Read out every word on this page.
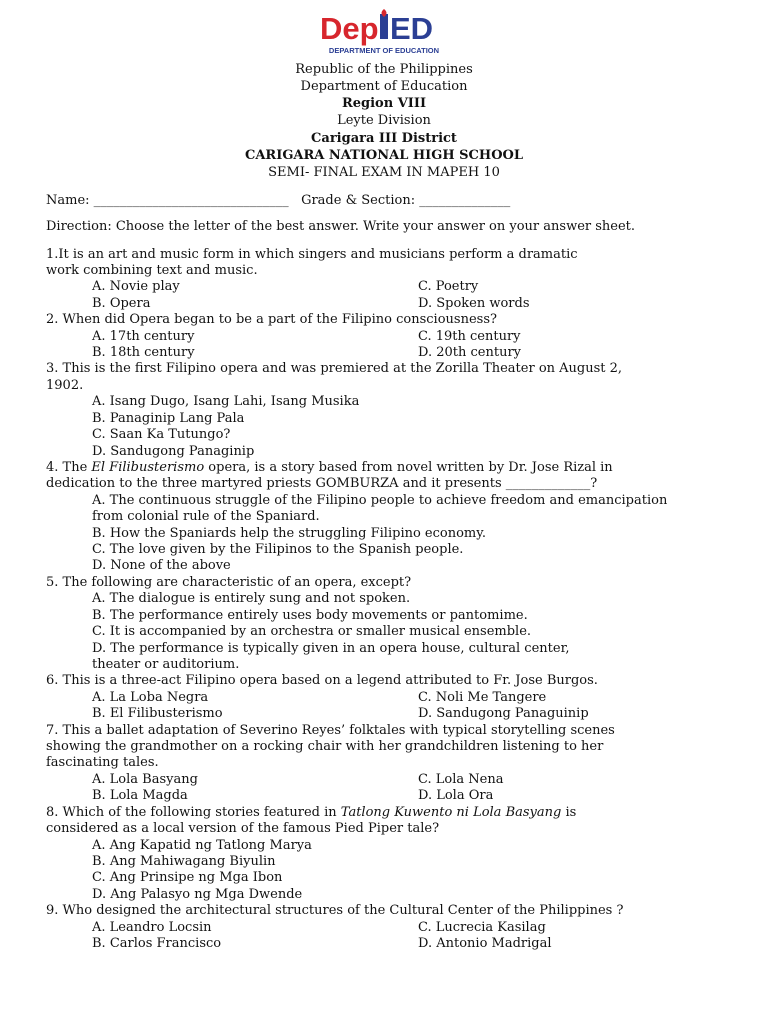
Dep ED
DEPARTMENT OF EDUCATION
Republic of the Philippines
Department of Education
Region VIII
Leyte Division
Carigara III District
CARIGARA NATIONAL HIGH SCHOOL
SEMI- FINAL EXAM IN MAPEH 10
Name: ______________________________ Grade & Section: ______________
Direction: Choose the letter of the best answer. Write your answer on your answer sheet.
1.It is an art and music form in which singers and musicians perform a dramatic
work combining text and music.
A. Novie play	C. Poetry
B. Opera	D. Spoken words
2. When did Opera began to be a part of the Filipino consciousness?
A. 17th century	C. 19th century
B. 18th century	D. 20th century
3. This is the first Filipino opera and was premiered at the Zorilla Theater on August 2,
1902.
A. Isang Dugo, Isang Lahi, Isang Musika
B. Panaginip Lang Pala
C. Saan Ka Tutungo?
D. Sandugong Panaginip
4. The El Filibusterismo opera, is a story based from novel written by Dr. Jose Rizal in
dedication to the three martyred priests GOMBURZA and it presents _____________?
A. The continuous struggle of the Filipino people to achieve freedom and emancipation
from colonial rule of the Spaniard.
B. How the Spaniards help the struggling Filipino economy.
C. The love given by the Filipinos to the Spanish people.
D. None of the above
5. The following are characteristic of an opera, except?
A. The dialogue is entirely sung and not spoken.
B. The performance entirely uses body movements or pantomime.
C. It is accompanied by an orchestra or smaller musical ensemble.
D. The performance is typically given in an opera house, cultural center,
theater or auditorium.
6. This is a three-act Filipino opera based on a legend attributed to Fr. Jose Burgos.
A. La Loba Negra	C. Noli Me Tangere
B. El Filibusterismo	D. Sandugong Panaguinip
7. This a ballet adaptation of Severino Reyes’ folktales with typical storytelling scenes
showing the grandmother on a rocking chair with her grandchildren listening to her
fascinating tales.
A. Lola Basyang	C. Lola Nena
B. Lola Magda	D. Lola Ora
8. Which of the following stories featured in Tatlong Kuwento ni Lola Basyang is
considered as a local version of the famous Pied Piper tale?
A. Ang Kapatid ng Tatlong Marya
B. Ang Mahiwagang Biyulin
C. Ang Prinsipe ng Mga Ibon
D. Ang Palasyo ng Mga Dwende
9. Who designed the architectural structures of the Cultural Center of the Philippines ?
A. Leandro Locsin	C. Lucrecia Kasilag
B. Carlos Francisco	D. Antonio Madrigal
